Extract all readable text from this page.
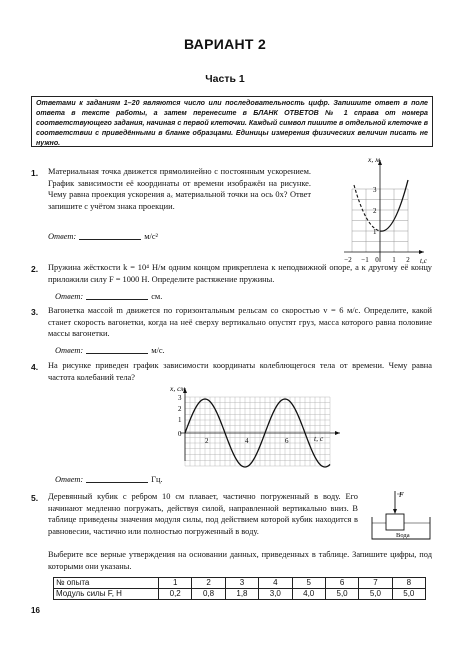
ВАРИАНТ 2
Часть 1
Ответами к заданиям 1–20 являются число или последовательность цифр. Запишите ответ в поле ответа в тексте работы, а затем перенесите в БЛАНК ОТВЕТОВ № 1 справа от номера соответствующего задания, начиная с первой клеточки. Каждый символ пишите в отдельной клеточке в соответствии с приведёнными в бланке образцами. Единицы измерения физических величин писать не нужно.
1. Материальная точка движется прямолинейно с постоянным ускорением. График зависимости её координаты от времени изображён на рисунке. Чему равна проекция ускорения aₓ материальной точки на ось 0x? Ответ запишите с учётом знака проекции.
Ответ:	м/с²
x, м
t,c
3
2
1
−2 −1 0 1 2
2. Пружина жёсткости k = 10⁴ Н/м одним концом прикреплена к неподвижной опоре, а к другому её концу приложили силу F = 1000 Н. Определите растяжение пружины.
Ответ:	см.
3. Вагонетка массой m движется по горизонтальным рельсам со скоростью v = 6 м/с. Определите, какой станет скорость вагонетки, когда на неё сверху вертикально опустят груз, масса которого равна половине массы вагонетки.
Ответ:	м/с.
4. На рисунке приведен график зависимости координаты колеблющегося тела от времени. Чему равна частота колебаний тела?
x, см
t, с
3
2
1
0
2	4	6
Ответ:	Гц.
5. Деревянный кубик с ребром 10 см плавает, частично погруженный в воду. Его начинают медленно погружать, действуя силой, направленной вертикально вниз. В таблице приведены значения модуля силы, под действием которой кубик находится в равновесии, частично или полностью погруженный в воду.
Выберите все верные утверждения на основании данных, приведенных в таблице. Запишите цифры, под которыми они указаны.
F
Вода
№ опыта	1	2	3	4	5	6	7	8
Модуль силы F, Н	0,2	0,8	1,8	3,0	4,0	5,0	5,0	5,0
16
